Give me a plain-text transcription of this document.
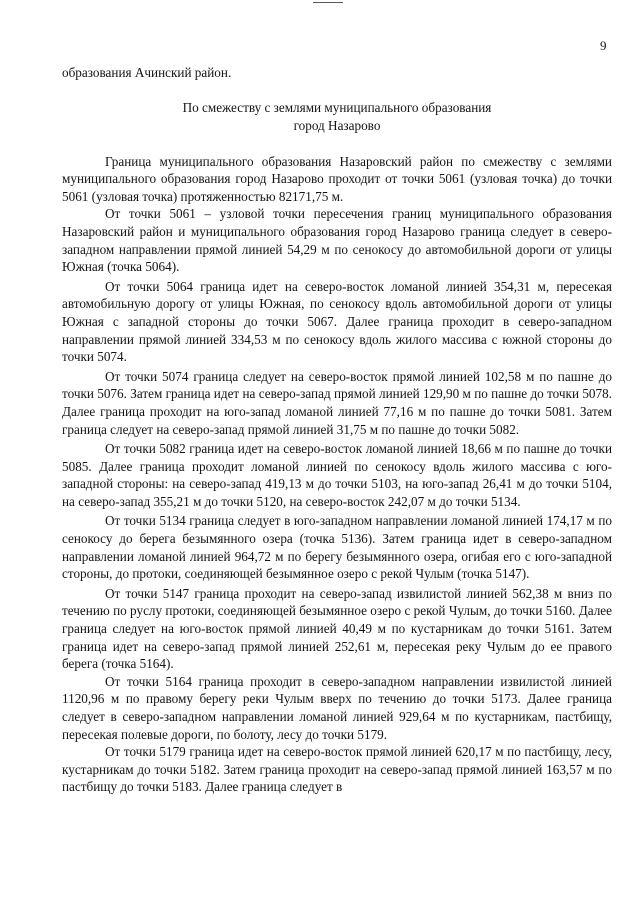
9

образования Ачинский район.

По смежеству с землями муниципального образования
город Назарово

Граница муниципального образования Назаровский район по смежеству с землями муниципального образования город Назарово проходит от точки 5061 (узловая точка) до точки 5061 (узловая точка) протяженностью 82171,75 м.

От точки 5061 – узловой точки пересечения границ муниципального образования Назаровский район и муниципального образования город Назарово граница следует в северо-западном направлении прямой линией 54,29 м по сенокосу до автомобильной дороги от улицы Южная (точка 5064).

От точки 5064 граница идет на северо-восток ломаной линией 354,31 м, пересекая автомобильную дорогу от улицы Южная, по сенокосу вдоль автомобильной дороги от улицы Южная с западной стороны до точки 5067. Далее граница проходит в северо-западном направлении прямой линией 334,53 м по сенокосу вдоль жилого массива с южной стороны до точки 5074.

От точки 5074 граница следует на северо-восток прямой линией 102,58 м по пашне до точки 5076. Затем граница идет на северо-запад прямой линией 129,90 м по пашне до точки 5078. Далее граница проходит на юго-запад ломаной линией 77,16 м по пашне до точки 5081. Затем граница следует на северо-запад прямой линией 31,75 м по пашне до точки 5082.

От точки 5082 граница идет на северо-восток ломаной линией 18,66 м по пашне до точки 5085. Далее граница проходит ломаной линией по сенокосу вдоль жилого массива с юго-западной стороны: на северо-запад 419,13 м до точки 5103, на юго-запад 26,41 м до точки 5104, на северо-запад 355,21 м до точки 5120, на северо-восток 242,07 м до точки 5134.

От точки 5134 граница следует в юго-западном направлении ломаной линией 174,17 м по сенокосу до берега безымянного озера (точка 5136). Затем граница идет в северо-западном направлении ломаной линией 964,72 м по берегу безымянного озера, огибая его с юго-западной стороны, до протоки, соединяющей безымянное озеро с рекой Чулым (точка 5147).

От точки 5147 граница проходит на северо-запад извилистой линией 562,38 м вниз по течению по руслу протоки, соединяющей безымянное озеро с рекой Чулым, до точки 5160. Далее граница следует на юго-восток прямой линией 40,49 м по кустарникам до точки 5161. Затем граница идет на северо-запад прямой линией 252,61 м, пересекая реку Чулым до ее правого берега (точка 5164).

От точки 5164 граница проходит в северо-западном направлении извилистой линией 1120,96 м по правому берегу реки Чулым вверх по течению до точки 5173. Далее граница следует в северо-западном направлении ломаной линией 929,64 м по кустарникам, пастбищу, пересекая полевые дороги, по болоту, лесу до точки 5179.

От точки 5179 граница идет на северо-восток прямой линией 620,17 м по пастбищу, лесу, кустарникам до точки 5182. Затем граница проходит на северо-запад прямой линией 163,57 м по пастбищу до точки 5183. Далее граница следует в
